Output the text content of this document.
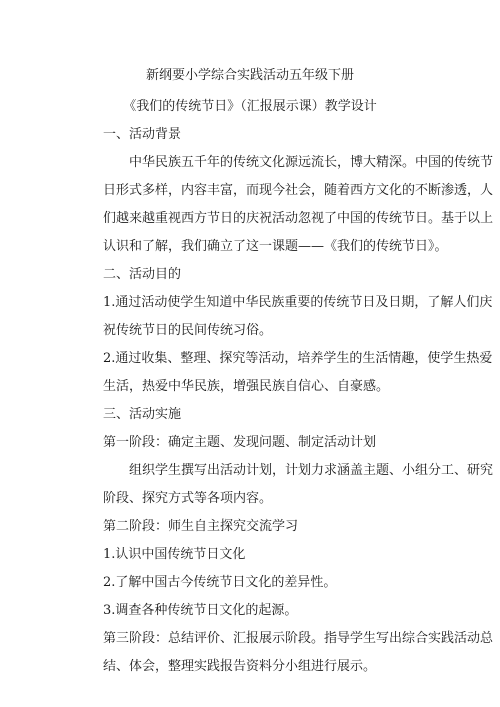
新纲要小学综合实践活动五年级下册
《我们的传统节日》（汇报展示课）教学设计
一、活动背景
中华民族五千年的传统文化源远流长，博大精深。中国的传统节
日形式多样，内容丰富，而现今社会，随着西方文化的不断渗透，人
们越来越重视西方节日的庆祝活动忽视了中国的传统节日。基于以上
认识和了解，我们确立了这一课题——《我们的传统节日》。
二、活动目的
1.通过活动使学生知道中华民族重要的传统节日及日期，了解人们庆
祝传统节日的民间传统习俗。
2.通过收集、整理、探究等活动，培养学生的生活情趣，使学生热爱
生活，热爱中华民族，增强民族自信心、自豪感。
三、活动实施
第一阶段：确定主题、发现问题、制定活动计划
组织学生撰写出活动计划，计划力求涵盖主题、小组分工、研究
阶段、探究方式等各项内容。
第二阶段：师生自主探究交流学习
1.认识中国传统节日文化
2.了解中国古今传统节日文化的差异性。
3.调查各种传统节日文化的起源。
第三阶段：总结评价、汇报展示阶段。指导学生写出综合实践活动总
结、体会，整理实践报告资料分小组进行展示。
